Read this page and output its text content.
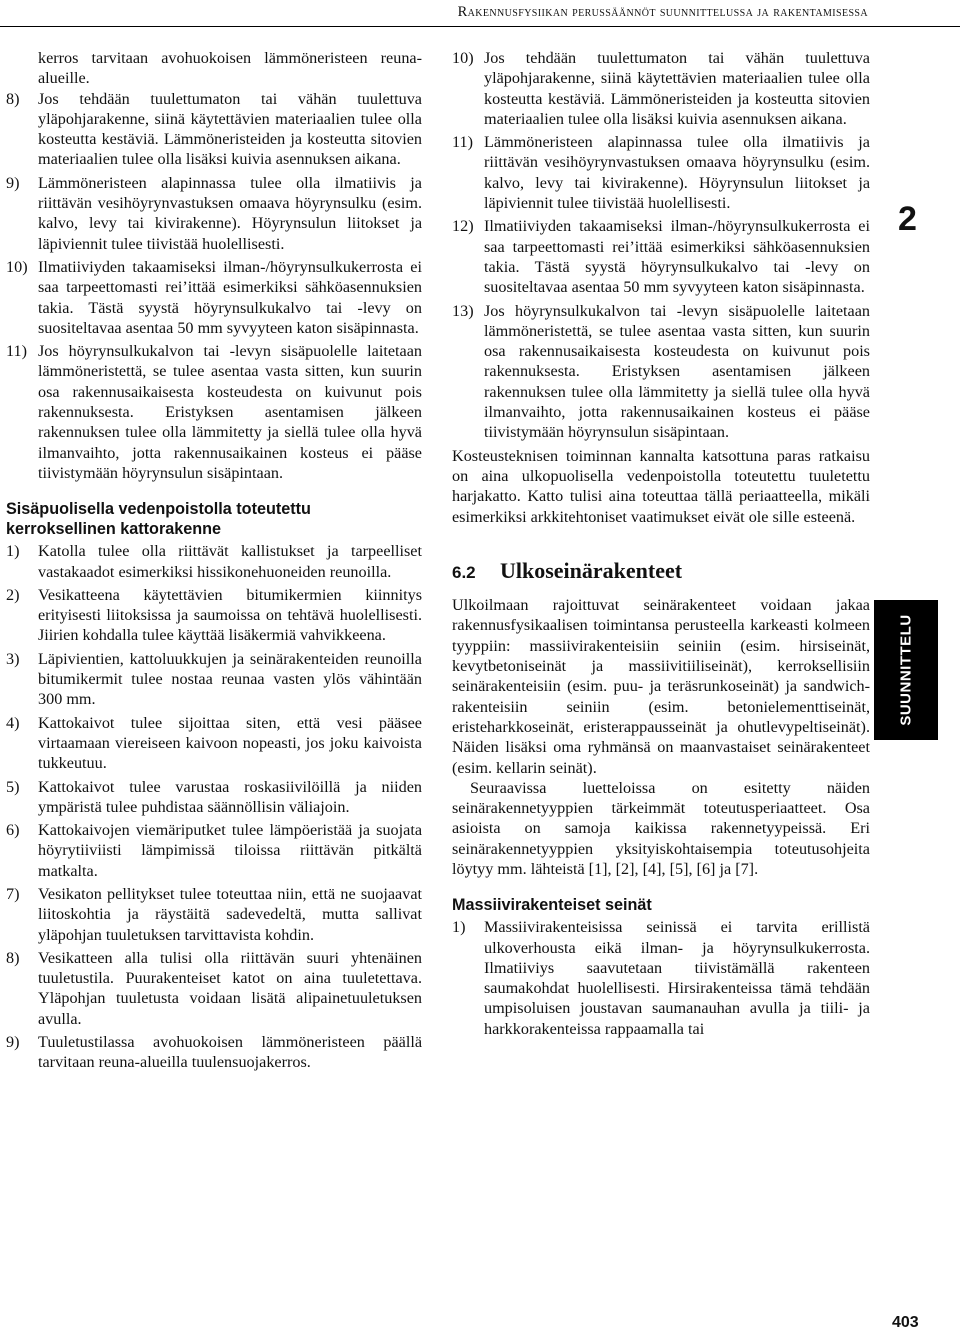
Rakennusfysiikan perussäännöt suunnittelussa ja rakentamisessa

kerros tarvitaan avohuokoisen lämmöneristeen reuna-alueille.

8)	Jos tehdään tuulettumaton tai vähän tuulettuva yläpohjarakenne, siinä käytettävien materiaalien tulee olla kosteutta kestäviä. Lämmöneristeiden ja kosteutta sitovien materiaalien tulee olla lisäksi kuivia asennuksen aikana.
9)	Lämmöneristeen alapinnassa tulee olla ilmatiivis ja riittävän vesihöyrynvastuksen omaava höyrynsulku (esim. kalvo, levy tai kivirakenne). Höyrynsulun liitokset ja läpiviennit tulee tiivistää huolellisesti.
10) Ilmatiiviyden takaamiseksi ilman-/höyrynsulkukerrosta ei saa tarpeettomasti rei’ittää esimerkiksi sähköasennuksien takia. Tästä syystä höyrynsulkukalvo tai -levy on suositeltavaa asentaa 50 mm syvyyteen katon sisäpinnasta.
11) Jos höyrynsulkukalvon tai -levyn sisäpuolelle laitetaan lämmöneristettä, se tulee asentaa vasta sitten, kun suurin osa rakennusaikaisesta kosteudesta on kuivunut pois rakennuksesta. Eristyksen asentamisen jälkeen rakennuksen tulee olla lämmitetty ja siellä tulee olla hyvä ilmanvaihto, jotta rakennusaikainen kosteus ei pääse tiivistymään höyrynsulun sisäpintaan.
Sisäpuolisella vedenpoistolla toteutettu kerroksellinen kattorakenne
1)	Katolla tulee olla riittävät kallistukset ja tarpeelliset vastakaadot esimerkiksi hissikonehuoneiden reunoilla.
2)	Vesikatteena käytettävien bitumikermien kiinnitys erityisesti liitoksissa ja saumoissa on tehtävä huolellisesti. Jiirien kohdalla tulee käyttää lisäkermiä vahvikkeena.
3)	Läpivientien, kattoluukkujen ja seinärakenteiden reunoilla bitumikermit tulee nostaa reunaa vasten ylös vähintään 300 mm.
4)	Kattokaivot tulee sijoittaa siten, että vesi pääsee virtaamaan viereiseen kaivoon nopeasti, jos joku kaivoista tukkeutuu.
5)	Kattokaivot tulee varustaa roskasiivilöillä ja niiden ympäristä tulee puhdistaa säännöllisin väliajoin.
6)	Kattokaivojen viemäriputket tulee lämpöeristää ja suojata höyrytiiviisti lämpimissä tiloissa riittävän pitkältä matkalta.
7)	Vesikaton pellitykset tulee toteuttaa niin, että ne suojaavat liitoskohtia ja räystäitä sadevedeltä, mutta sallivat yläpohjan tuuletuksen tarvittavista kohdin.
8)	Vesikatteen alla tulisi olla riittävän suuri yhtenäinen tuuletustila. Puurakenteiset katot on aina tuuletettava. Yläpohjan tuuletusta voidaan lisätä alipainetuuletuksen avulla.
9)	Tuuletustilassa avohuokoisen lämmöneristeen päällä tarvitaan reuna-alueilla tuulensuojakerros.
10) Jos tehdään tuulettumaton tai vähän tuulettuva yläpohjarakenne, siinä käytettävien materiaalien tulee olla kosteutta kestäviä. Lämmöneristeiden ja kosteutta sitovien materiaalien tulee olla lisäksi kuivia asennuksen aikana.
11) Lämmöneristeen alapinnassa tulee olla ilmatiivis ja riittävän vesihöyrynvastuksen omaava höyrynsulku (esim. kalvo, levy tai kivirakenne). Höyrynsulun liitokset ja läpiviennit tulee tiivistää huolellisesti.
12) Ilmatiiviyden takaamiseksi ilman-/höyrynsulkukerrosta ei saa tarpeettomasti rei’ittää esimerkiksi sähköasennuksien takia. Tästä syystä höyrynsulkukalvo tai -levy on suositeltavaa asentaa 50 mm syvyyteen katon sisäpinnasta.
13) Jos höyrynsulkukalvon tai -levyn sisäpuolelle laitetaan lämmöneristettä, se tulee asentaa vasta sitten, kun suurin osa rakennusaikaisesta kosteudesta on kuivunut pois rakennuksesta. Eristyksen asentamisen jälkeen rakennuksen tulee olla lämmitetty ja siellä tulee olla hyvä ilmanvaihto, jotta rakennusaikainen kosteus ei pääse tiivistymään höyrynsulun sisäpintaan.

Kosteusteknisen toiminnan kannalta katsottuna paras ratkaisu on aina ulkopuolisella vedenpoistolla toteutettu tuuletettu harjakatto. Katto tulisi aina toteuttaa tällä periaatteella, mikäli esimerkiksi arkkitehtoniset vaatimukset eivät ole sille esteenä.

6.2	Ulkoseinärakenteet

Ulkoilmaan rajoittuvat seinärakenteet voidaan jakaa rakennusfysikaalisen toimintansa perusteella karkeasti kolmeen tyyppiin: massiivirakenteisiin seiniin (esim. hirsiseinät, kevytbetoniseinät ja massiivitiiliseinät), kerroksellisiin seinärakenteisiin (esim. puu- ja teräsrunkoseinät) ja sandwich-rakenteisiin seiniin (esim. betonielementtiseinät, eristeharkkoseinät, eristerappausseinät ja ohutlevypeltiseinät). Näiden lisäksi oma ryhmänsä on maanvastaiset seinärakenteet (esim. kellarin seinät).

Seuraavissa luetteloissa on esitetty näiden seinärakennetyyppien tärkeimmät toteutusperiaatteet. Osa asioista on samoja kaikissa rakennetyypeissä. Eri seinärakennetyyppien yksityiskohtaisempia toteutusohjeita löytyy mm. lähteistä [1], [2], [4], [5], [6] ja [7].

Massiivirakenteiset seinät
1)	Massiivirakenteisissa seinissä ei tarvita erillistä ulkoverhousta eikä ilman- ja höyrynsulkukerrosta. Ilmatiiviys saavutetaan tiivistämällä rakenteen saumakohdat huolellisesti. Hirsirakenteissa tämä tehdään umpisoluisen joustavan saumanauhan avulla ja tiili- ja harkkorakenteissa rappaamalla tai
2
SUUNNITTELU
403
